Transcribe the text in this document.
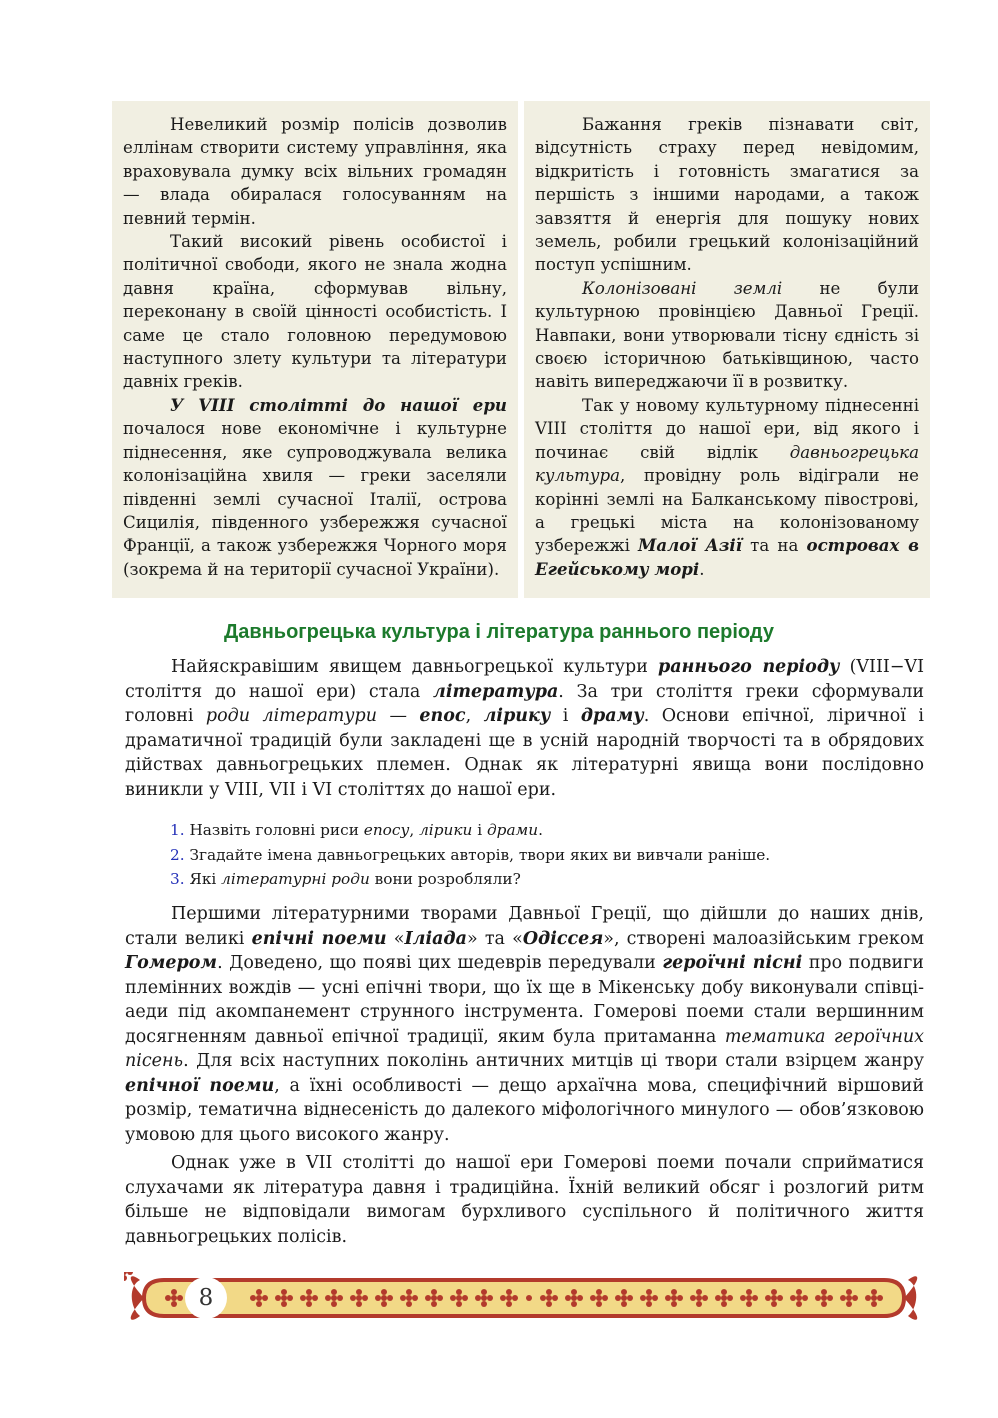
Невеликий розмір полісів дозволив еллінам створити систему управління, яка враховувала думку всіх вільних громадян — влада обиралася голосуванням на певний термін.

Такий високий рівень особистої і політичної свободи, якого не знала жодна давня країна, сформував вільну, переконану в своїй цінності особистість. І саме це стало головною передумовою наступного злету культури та літератури давніх греків.

У VIII столітті до нашої ери почалося нове економічне і культурне піднесення, яке супроводжувала велика колонізаційна хвиля — греки заселяли південні землі сучасної Італії, острова Сицилія, південного узбережжя сучасної Франції, а також узбережжя Чорного моря (зокрема й на території сучасної України).

Бажання греків пізнавати світ, відсутність страху перед невідомим, відкритість і готовність змагатися за першість з іншими народами, а також завзяття й енергія для пошуку нових земель, робили грецький колонізаційний поступ успішним.

Колонізовані землі не були культурною провінцією Давньої Греції. Навпаки, вони утворювали тісну єдність зі своєю історичною батьківщиною, часто навіть випереджаючи її в розвитку.

Так у новому культурному піднесенні VIII століття до нашої ери, від якого і починає свій відлік давньогрецька культура, провідну роль відіграли не корінні землі на Балканському півострові, а грецькі міста на колонізованому узбережжі Малої Азії та на островах в Егейському морі.

Давньогрецька культура і література раннього періоду

Найяскравішим явищем давньогрецької культури раннього періоду (VIII−VI століття до нашої ери) стала література. За три століття греки сформували головні роди літератури — епос, лірику і драму. Основи епічної, ліричної і драматичної традицій були закладені ще в усній народній творчості та в обрядових дійствах давньогрецьких племен. Однак як літературні явища вони послідовно виникли у VIII, VII і VI століттях до нашої ери.

1. Назвіть головні риси епосу, лірики і драми.
2. Згадайте імена давньогрецьких авторів, твори яких ви вивчали раніше.
3. Які літературні роди вони розробляли?

Першими літературними творами Давньої Греції, що дійшли до наших днів, стали великі епічні поеми «Іліада» та «Одіссея», створені малоазійським греком Гомером. Доведено, що появі цих шедеврів передували героїчні пісні про подвиги племінних вождів — усні епічні твори, що їх ще в Мікенську добу виконували співці-аеди під акомпанемент струнного інструмента. Гомерові поеми стали вершинним досягненням давньої епічної традиції, яким була притаманна тематика героїчних пісень. Для всіх наступних поколінь античних митців ці твори стали взірцем жанру епічної поеми, а їхні особливості — дещо архаїчна мова, специфічний віршовий розмір, тематична віднесеність до далекого міфологічного минулого — обов’язковою умовою для цього високого жанру.

Однак уже в VII столітті до нашої ери Гомерові поеми почали сприйматися слухачами як література давня і традиційна. Їхній великий обсяг і розлогий ритм більше не відповідали вимогам бурхливого суспільного й політичного життя давньогрецьких полісів.

8
